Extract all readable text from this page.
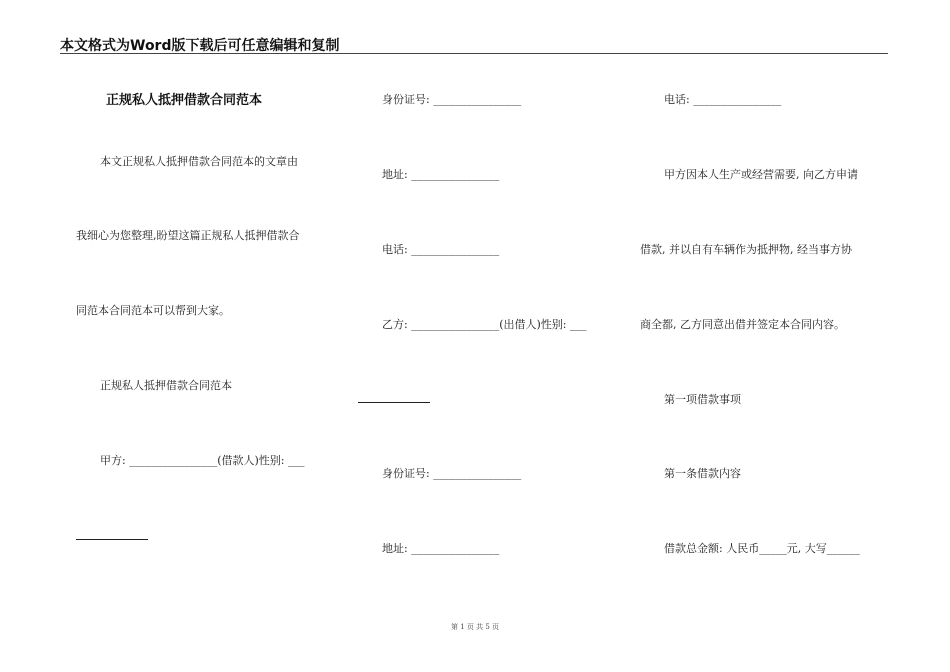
本文格式为Word版下载后可任意编辑和复制
正规私人抵押借款合同范本
本文正规私人抵押借款合同范本的文章由
我细心为您整理,盼望这篇正规私人抵押借款合
同范本合同范本可以帮到大家。
正规私人抵押借款合同范本
甲方: ________________(借款人)性别: ___
身份证号: ________________
地址: ________________
电话: ________________
乙方: ________________(出借人)性别: ___
身份证号: ________________
地址: ________________
电话: ________________
甲方因本人生产或经营需要, 向乙方申请
借款, 并以自有车辆作为抵押物, 经当事方协
商全都, 乙方同意出借并签定本合同内容。
第一项借款事项
第一条借款内容
借款总金额: 人民币_____元, 大写______
第 1 页 共 5 页
